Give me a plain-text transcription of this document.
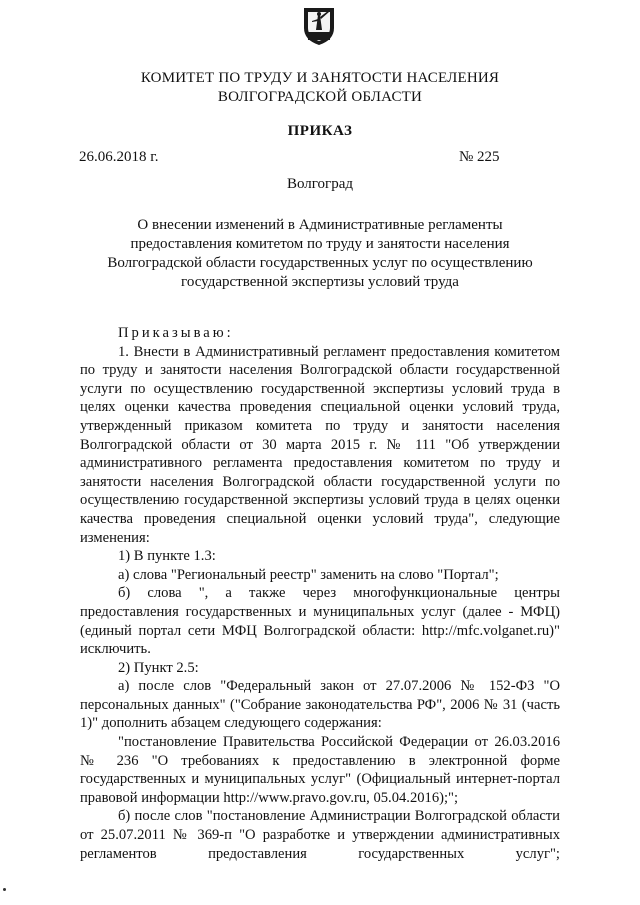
КОМИТЕТ ПО ТРУДУ И ЗАНЯТОСТИ НАСЕЛЕНИЯ
ВОЛГОГРАДСКОЙ ОБЛАСТИ
ПРИКАЗ
26.06.2018 г.	№ 225
Волгоград
О внесении изменений в Административные регламенты
предоставления комитетом по труду и занятости населения
Волгоградской области государственных услуг по осуществлению
государственной экспертизы условий труда

Приказываю:

1. Внести в Административный регламент предоставления комитетом по труду и занятости населения Волгоградской области государственной услуги по осуществлению государственной экспертизы условий труда в целях оценки качества проведения специальной оценки условий труда, утвержденный приказом комитета по труду и занятости населения Волгоградской области от 30 марта 2015 г. № 111 "Об утверждении административного регламента предоставления комитетом по труду и занятости населения Волгоградской области государственной услуги по осуществлению государственной экспертизы условий труда в целях оценки качества проведения специальной оценки условий труда", следующие изменения:

1) В пункте 1.3:

а) слова "Региональный реестр" заменить на слово "Портал";

б) слова ", а также через многофункциональные центры предоставления государственных и муниципальных услуг (далее - МФЦ) (единый портал сети МФЦ Волгоградской области: http://mfc.volganet.ru)" исключить.

2) Пункт 2.5:

а) после слов "Федеральный закон от 27.07.2006 № 152-ФЗ "О персональных данных" ("Собрание законодательства РФ", 2006 № 31 (часть 1)" дополнить абзацем следующего содержания:

"постановление Правительства Российской Федерации от 26.03.2016 № 236 "О требованиях к предоставлению в электронной форме государственных и муниципальных услуг" (Официальный интернет-портал правовой информации http://www.pravo.gov.ru, 05.04.2016);";

б) после слов "постановление Администрации Волгоградской области от 25.07.2011 № 369-п "О разработке и утверждении административных регламентов предоставления государственных услуг";
